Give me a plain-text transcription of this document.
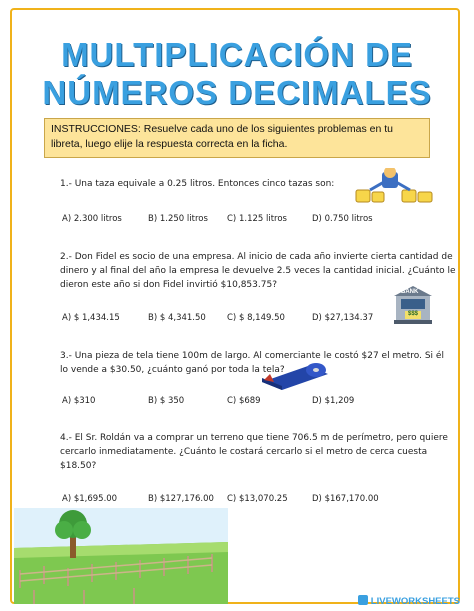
MULTIPLICACIÓN DE
NÚMEROS DECIMALES
INSTRUCCIONES: Resuelve cada uno de los siguientes problemas en tu libreta, luego elije la respuesta correcta en la ficha.
1.- Una taza equivale a 0.25 litros. Entonces cinco tazas son:
A) 2.300 litros	B) 1.250 litros C) 1.125 litros	D) 0.750 litros
2.- Don Fidel es socio de una empresa. Al inicio de cada año invierte cierta cantidad de
dinero y al final del año la empresa le devuelve 2.5 veces la cantidad inicial. ¿Cuánto le
dieron este año si don Fidel invirtió $10,853.75?
A) $ 1,434.15	B) $ 4,341.50 C) $ 8,149.50	D) $27,134.37
BANK
$$$
3.- Una pieza de tela tiene 100m de largo. Al comerciante le costó $27 el metro. Si él
lo vende a $30.50, ¿cuánto ganó por toda la tela?
A) $310	B) $ 350	C) $689	D) $1,209
4.- El Sr. Roldán va a comprar un terreno que tiene 706.5 m de perímetro, pero quiere
cercarlo inmediatamente. ¿Cuánto le costará cercarlo si el metro de cerca cuesta
$18.50?
A) $1,695.00	B) $127,176.00 C) $13,070.25	D) $167,170.00
LIVEWORKSHEETS
